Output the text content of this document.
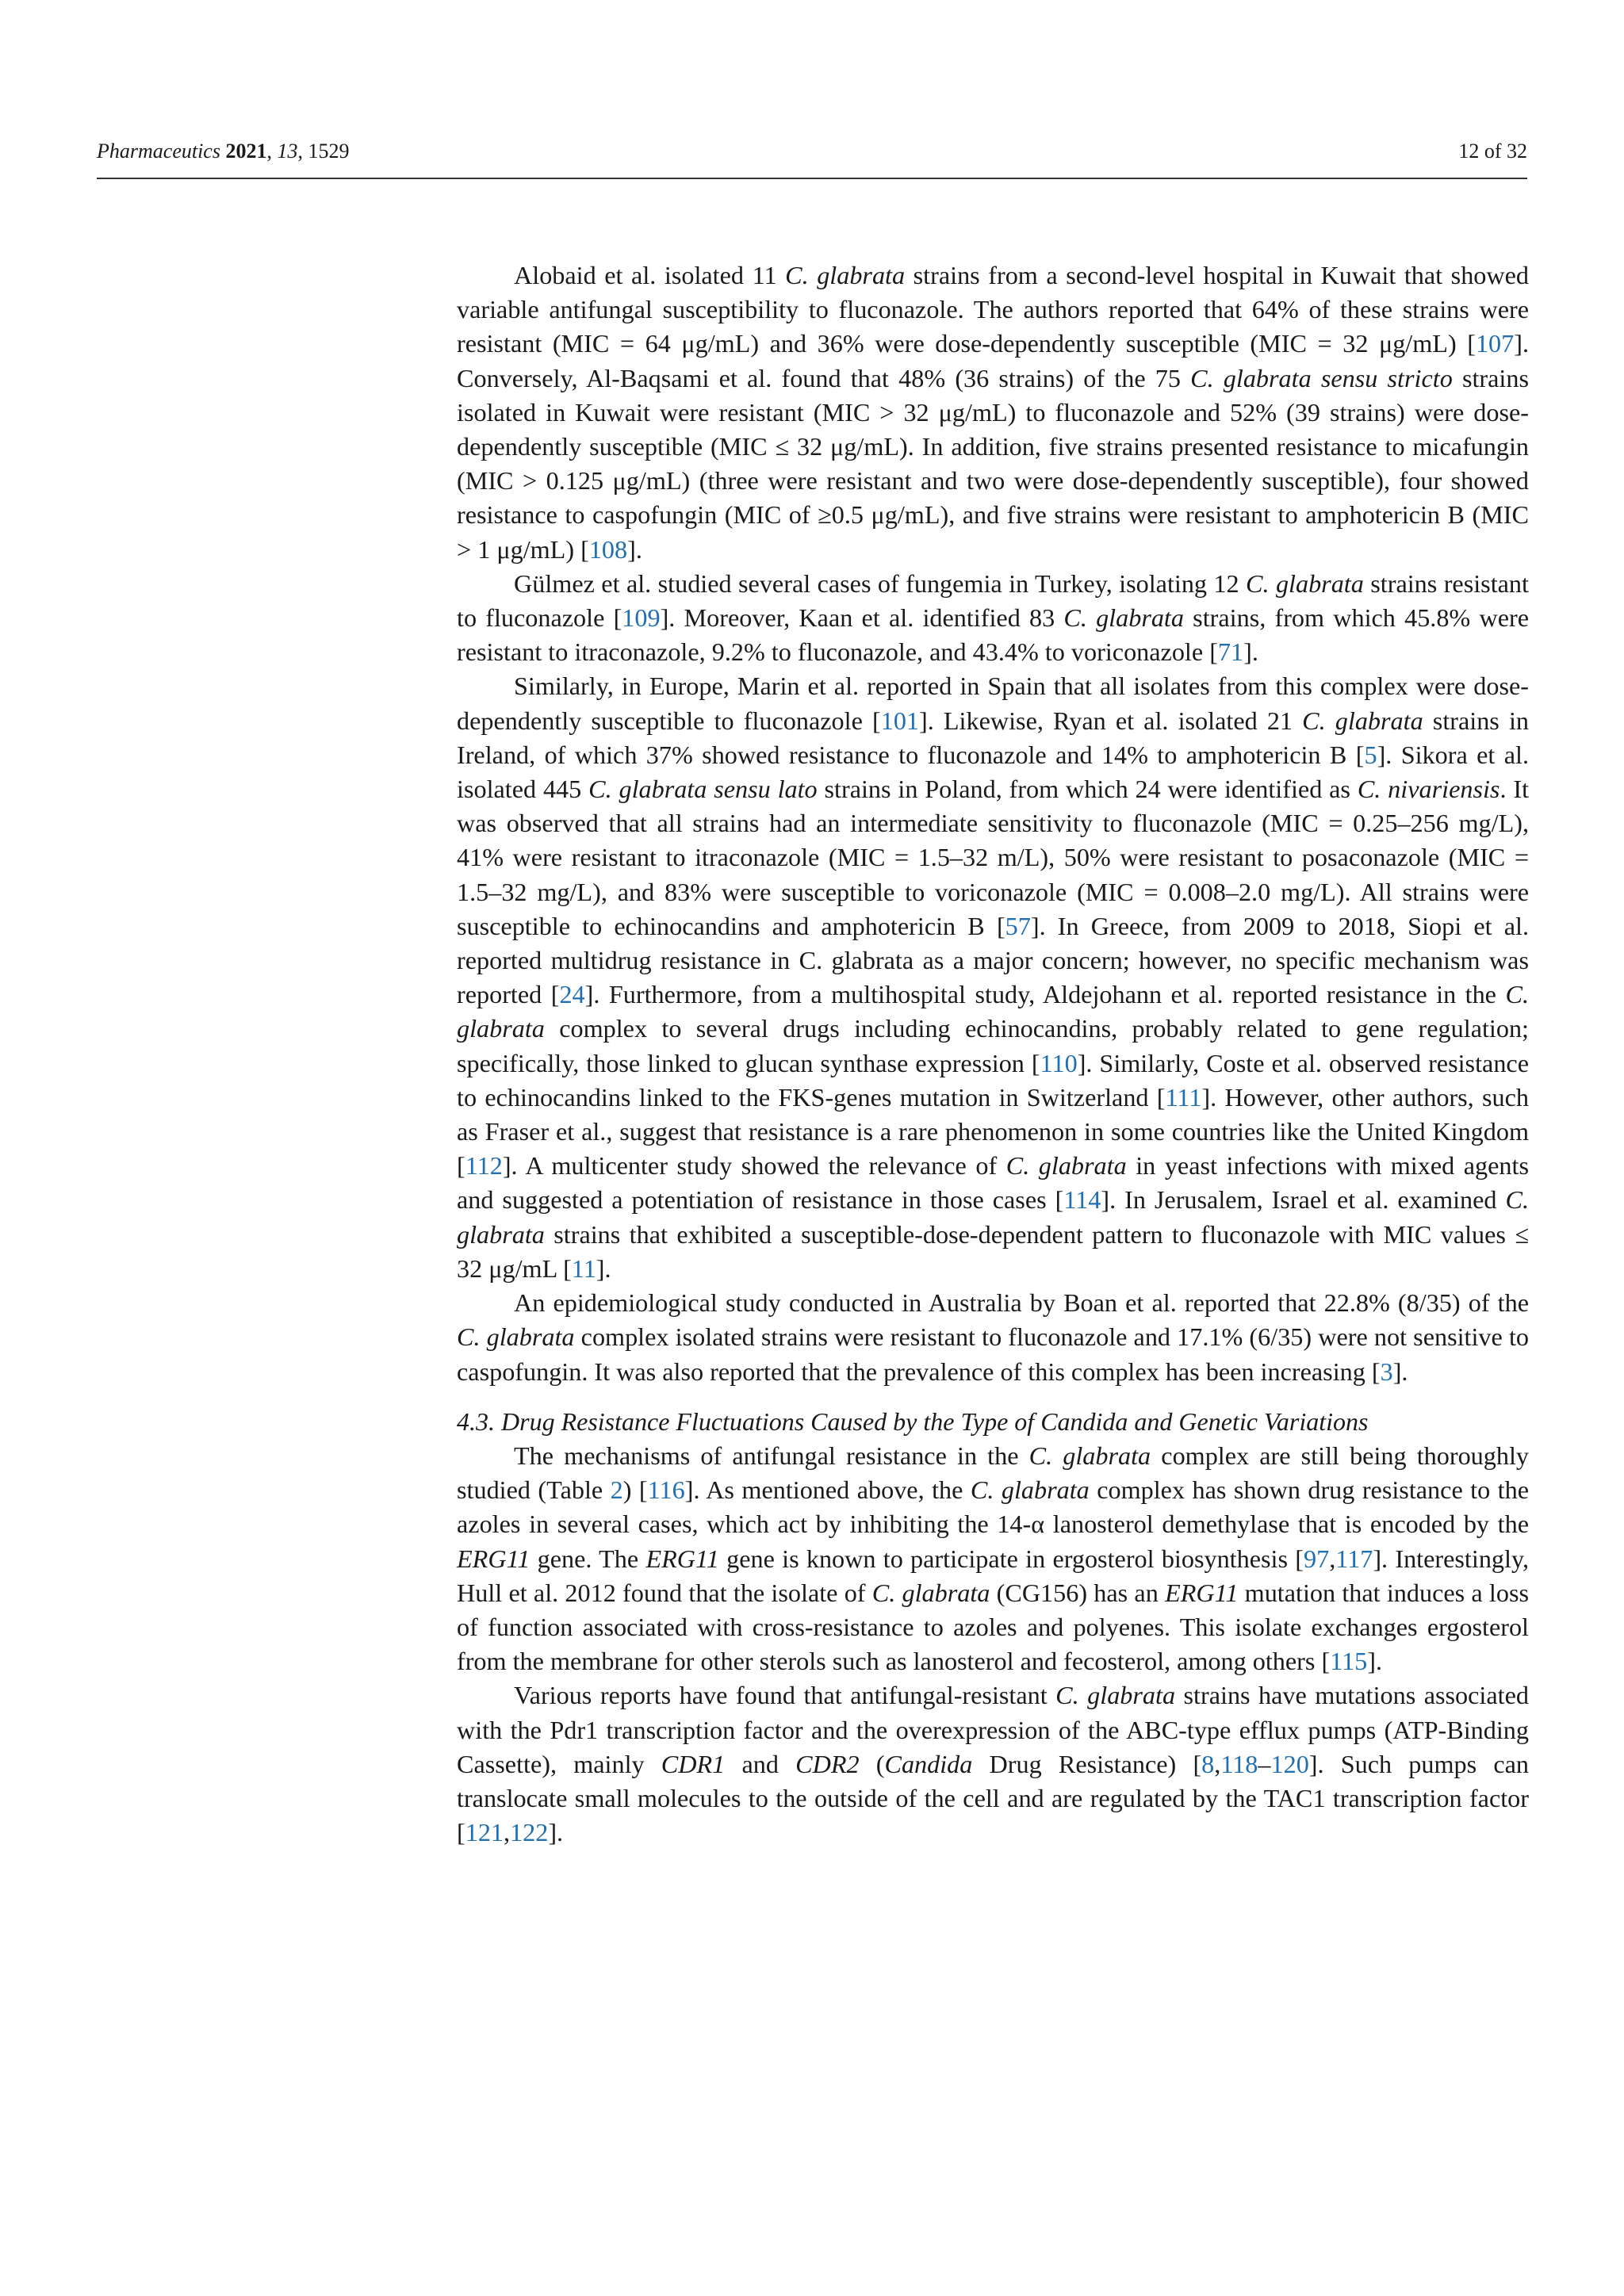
Pharmaceutics 2021, 13, 1529	12 of 32

Alobaid et al. isolated 11 C. glabrata strains from a second-level hospital in Kuwait that showed variable antifungal susceptibility to fluconazole. The authors reported that 64% of these strains were resistant (MIC = 64 μg/mL) and 36% were dose-dependently susceptible (MIC = 32 μg/mL) [107]. Conversely, Al-Baqsami et al. found that 48% (36 strains) of the 75 C. glabrata sensu stricto strains isolated in Kuwait were resistant (MIC > 32 μg/mL) to fluconazole and 52% (39 strains) were dose-dependently susceptible (MIC ≤ 32 μg/mL). In addition, five strains presented resistance to micafungin (MIC > 0.125 μg/mL) (three were resistant and two were dose-dependently susceptible), four showed resistance to caspofungin (MIC of ≥0.5 μg/mL), and five strains were resistant to amphotericin B (MIC > 1 μg/mL) [108].

Gülmez et al. studied several cases of fungemia in Turkey, isolating 12 C. glabrata strains resistant to fluconazole [109]. Moreover, Kaan et al. identified 83 C. glabrata strains, from which 45.8% were resistant to itraconazole, 9.2% to fluconazole, and 43.4% to voriconazole [71].

Similarly, in Europe, Marin et al. reported in Spain that all isolates from this complex were dose-dependently susceptible to fluconazole [101]. Likewise, Ryan et al. isolated 21 C. glabrata strains in Ireland, of which 37% showed resistance to fluconazole and 14% to amphotericin B [5]. Sikora et al. isolated 445 C. glabrata sensu lato strains in Poland, from which 24 were identified as C. nivariensis. It was observed that all strains had an intermediate sensitivity to fluconazole (MIC = 0.25–256 mg/L), 41% were resistant to itraconazole (MIC = 1.5–32 m/L), 50% were resistant to posaconazole (MIC = 1.5–32 mg/L), and 83% were susceptible to voriconazole (MIC = 0.008–2.0 mg/L). All strains were susceptible to echinocandins and amphotericin B [57]. In Greece, from 2009 to 2018, Siopi et al. reported multidrug resistance in C. glabrata as a major concern; however, no specific mechanism was reported [24]. Furthermore, from a multihospital study, Aldejohann et al. reported resistance in the C. glabrata complex to several drugs including echinocandins, probably related to gene regulation; specifically, those linked to glucan synthase expression [110]. Similarly, Coste et al. observed resistance to echinocandins linked to the FKS-genes mutation in Switzerland [111]. However, other authors, such as Fraser et al., suggest that resistance is a rare phenomenon in some countries like the United Kingdom [112]. A multicenter study showed the relevance of C. glabrata in yeast infections with mixed agents and suggested a potentiation of resistance in those cases [114]. In Jerusalem, Israel et al. examined C. glabrata strains that exhibited a susceptible-dose-dependent pattern to fluconazole with MIC values ≤ 32 μg/mL [11].

An epidemiological study conducted in Australia by Boan et al. reported that 22.8% (8/35) of the C. glabrata complex isolated strains were resistant to fluconazole and 17.1% (6/35) were not sensitive to caspofungin. It was also reported that the prevalence of this complex has been increasing [3].

4.3. Drug Resistance Fluctuations Caused by the Type of Candida and Genetic Variations

The mechanisms of antifungal resistance in the C. glabrata complex are still being thoroughly studied (Table 2) [116]. As mentioned above, the C. glabrata complex has shown drug resistance to the azoles in several cases, which act by inhibiting the 14-α lanosterol demethylase that is encoded by the ERG11 gene. The ERG11 gene is known to participate in ergosterol biosynthesis [97,117]. Interestingly, Hull et al. 2012 found that the isolate of C. glabrata (CG156) has an ERG11 mutation that induces a loss of function associated with cross-resistance to azoles and polyenes. This isolate exchanges ergosterol from the membrane for other sterols such as lanosterol and fecosterol, among others [115].

Various reports have found that antifungal-resistant C. glabrata strains have mutations associated with the Pdr1 transcription factor and the overexpression of the ABC-type efflux pumps (ATP-Binding Cassette), mainly CDR1 and CDR2 (Candida Drug Resistance) [8,118–120]. Such pumps can translocate small molecules to the outside of the cell and are regulated by the TAC1 transcription factor [121,122].
